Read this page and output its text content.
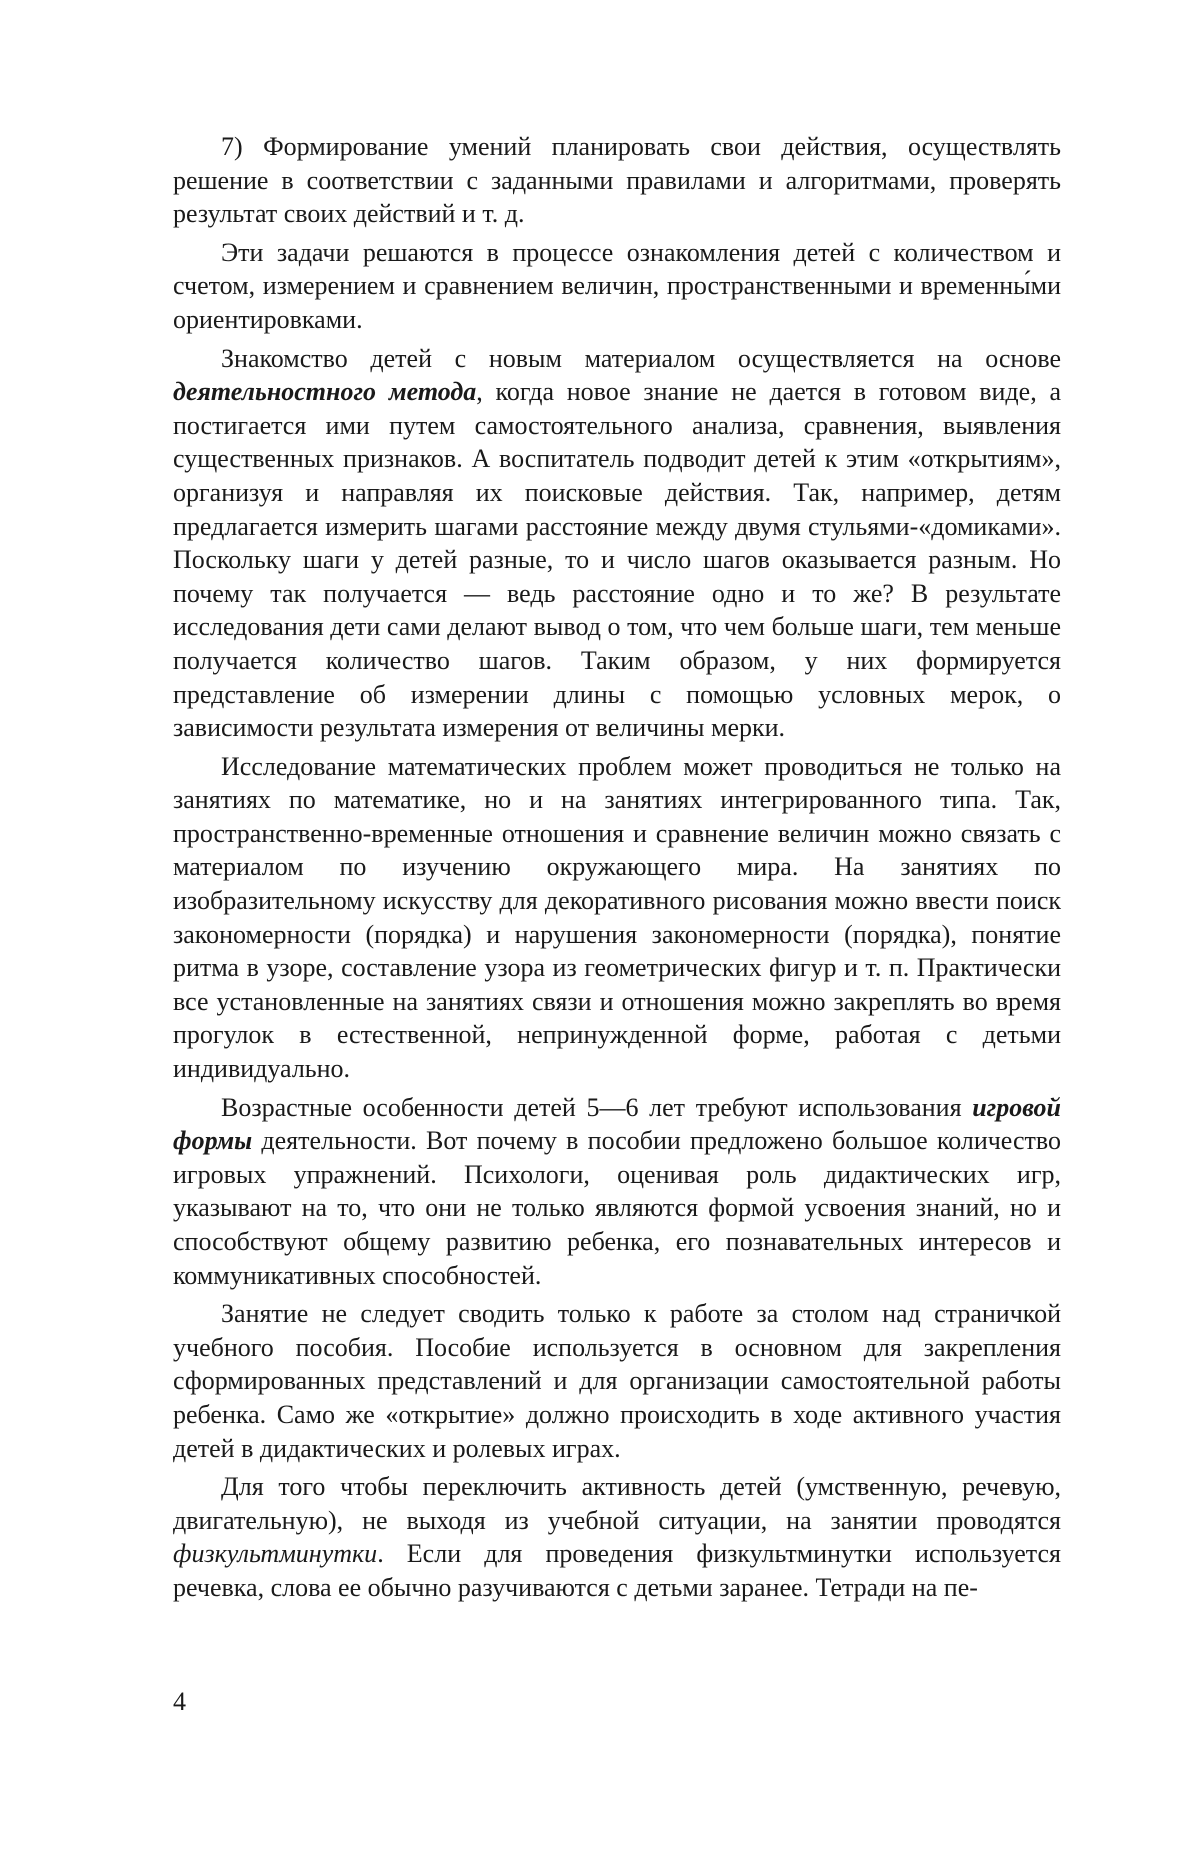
7) Формирование умений планировать свои действия, осуществлять решение в соответствии с заданными правилами и алгоритмами, проверять результат своих действий и т. д.

Эти задачи решаются в процессе ознакомления детей с количеством и счетом, измерением и сравнением величин, пространственными и временны́ми ориентировками.

Знакомство детей с новым материалом осуществляется на основе деятельностного метода, когда новое знание не дается в готовом виде, а постигается ими путем самостоятельного анализа, сравнения, выявления существенных признаков. А воспитатель подводит детей к этим «открытиям», организуя и направляя их поисковые действия. Так, например, детям предлагается измерить шагами расстояние между двумя стульями-«домиками». Поскольку шаги у детей разные, то и число шагов оказывается разным. Но почему так получается — ведь расстояние одно и то же? В результате исследования дети сами делают вывод о том, что чем больше шаги, тем меньше получается количество шагов. Таким образом, у них формируется представление об измерении длины с помощью условных мерок, о зависимости результата измерения от величины мерки.

Исследование математических проблем может проводиться не только на занятиях по математике, но и на занятиях интегрированного типа. Так, пространственно-временные отношения и сравнение величин можно связать с материалом по изучению окружающего мира. На занятиях по изобразительному искусству для декоративного рисования можно ввести поиск закономерности (порядка) и нарушения закономерности (порядка), понятие ритма в узоре, составление узора из геометрических фигур и т. п. Практически все установленные на занятиях связи и отношения можно закреплять во время прогулок в естественной, непринужденной форме, работая с детьми индивидуально.

Возрастные особенности детей 5—6 лет требуют использования игровой формы деятельности. Вот почему в пособии предложено большое количество игровых упражнений. Психологи, оценивая роль дидактических игр, указывают на то, что они не только являются формой усвоения знаний, но и способствуют общему развитию ребенка, его познавательных интересов и коммуникативных способностей.

Занятие не следует сводить только к работе за столом над страничкой учебного пособия. Пособие используется в основном для закрепления сформированных представлений и для организации самостоятельной работы ребенка. Само же «открытие» должно происходить в ходе активного участия детей в дидактических и ролевых играх.

Для того чтобы переключить активность детей (умственную, речевую, двигательную), не выходя из учебной ситуации, на занятии проводятся физкультминутки. Если для проведения физкультминутки используется речевка, слова ее обычно разучиваются с детьми заранее. Тетради на пе-

4
